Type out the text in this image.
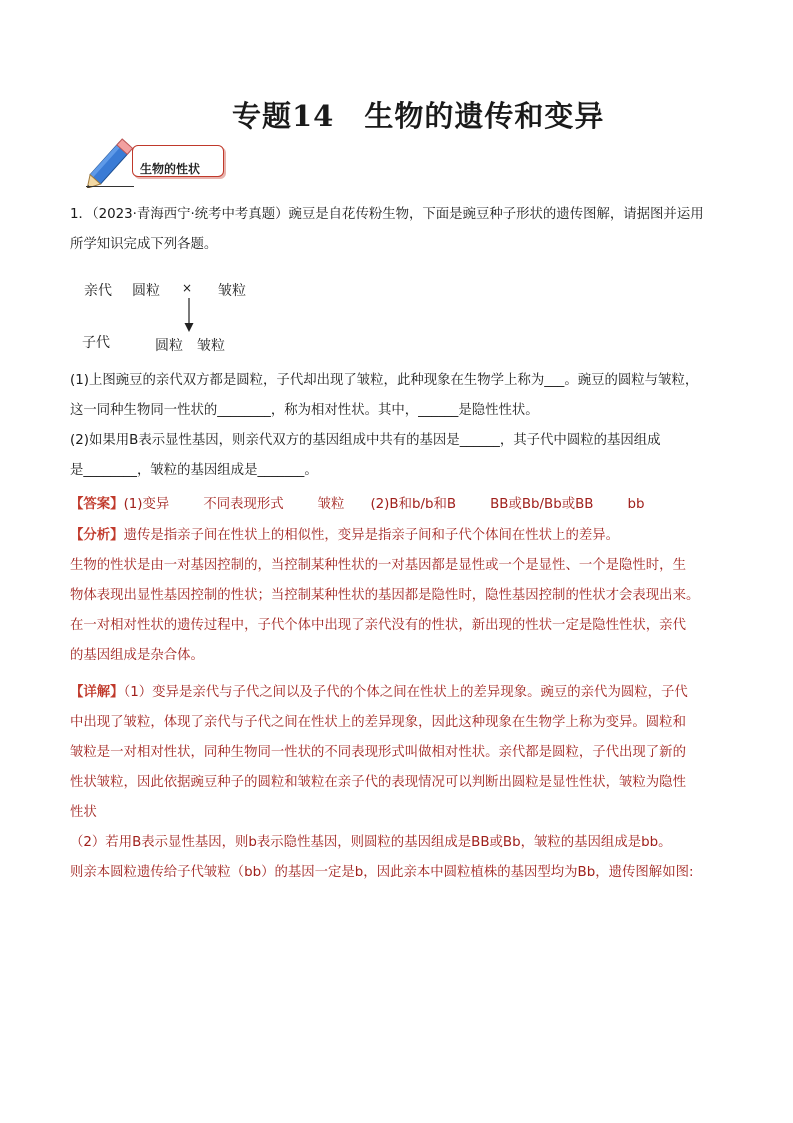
专题14　生物的遗传和变异
生物的性状
1．（2023·青海西宁·统考中考真题）豌豆是自花传粉生物，下面是豌豆种子形状的遗传图解，请据图并运用
所学知识完成下列各题。
亲代 圆粒 × 皱粒
子代	圆粒 皱粒
(1)上图豌豆的亲代双方都是圆粒，子代却出现了皱粒，此种现象在生物学上称为___。豌豆的圆粒与皱粒，
这一同种生物同一性状的________，称为相对性状。其中，______是隐性性状。
(2)如果用B表示显性基因，则亲代双方的基因组成中共有的基因是______，其子代中圆粒的基因组成
是________，皱粒的基因组成是_______。
【答案】(1)变异	不同表现形式	皱粒 (2)B和b/b和B	BB或Bb/Bb或BB	bb
【分析】遗传是指亲子间在性状上的相似性，变异是指亲子间和子代个体间在性状上的差异。
生物的性状是由一对基因控制的，当控制某种性状的一对基因都是显性或一个是显性、一个是隐性时，生
物体表现出显性基因控制的性状；当控制某种性状的基因都是隐性时，隐性基因控制的性状才会表现出来。
在一对相对性状的遗传过程中，子代个体中出现了亲代没有的性状，新出现的性状一定是隐性性状，亲代
的基因组成是杂合体。
【详解】（1）变异是亲代与子代之间以及子代的个体之间在性状上的差异现象。豌豆的亲代为圆粒，子代
中出现了皱粒，体现了亲代与子代之间在性状上的差异现象，因此这种现象在生物学上称为变异。圆粒和
皱粒是一对相对性状，同种生物同一性状的不同表现形式叫做相对性状。亲代都是圆粒，子代出现了新的
性状皱粒，因此依据豌豆种子的圆粒和皱粒在亲子代的表现情况可以判断出圆粒是显性性状，皱粒为隐性
性状
（2）若用B表示显性基因，则b表示隐性基因，则圆粒的基因组成是BB或Bb，皱粒的基因组成是bb。
则亲本圆粒遗传给子代皱粒（bb）的基因一定是b，因此亲本中圆粒植株的基因型均为Bb，遗传图解如图:
